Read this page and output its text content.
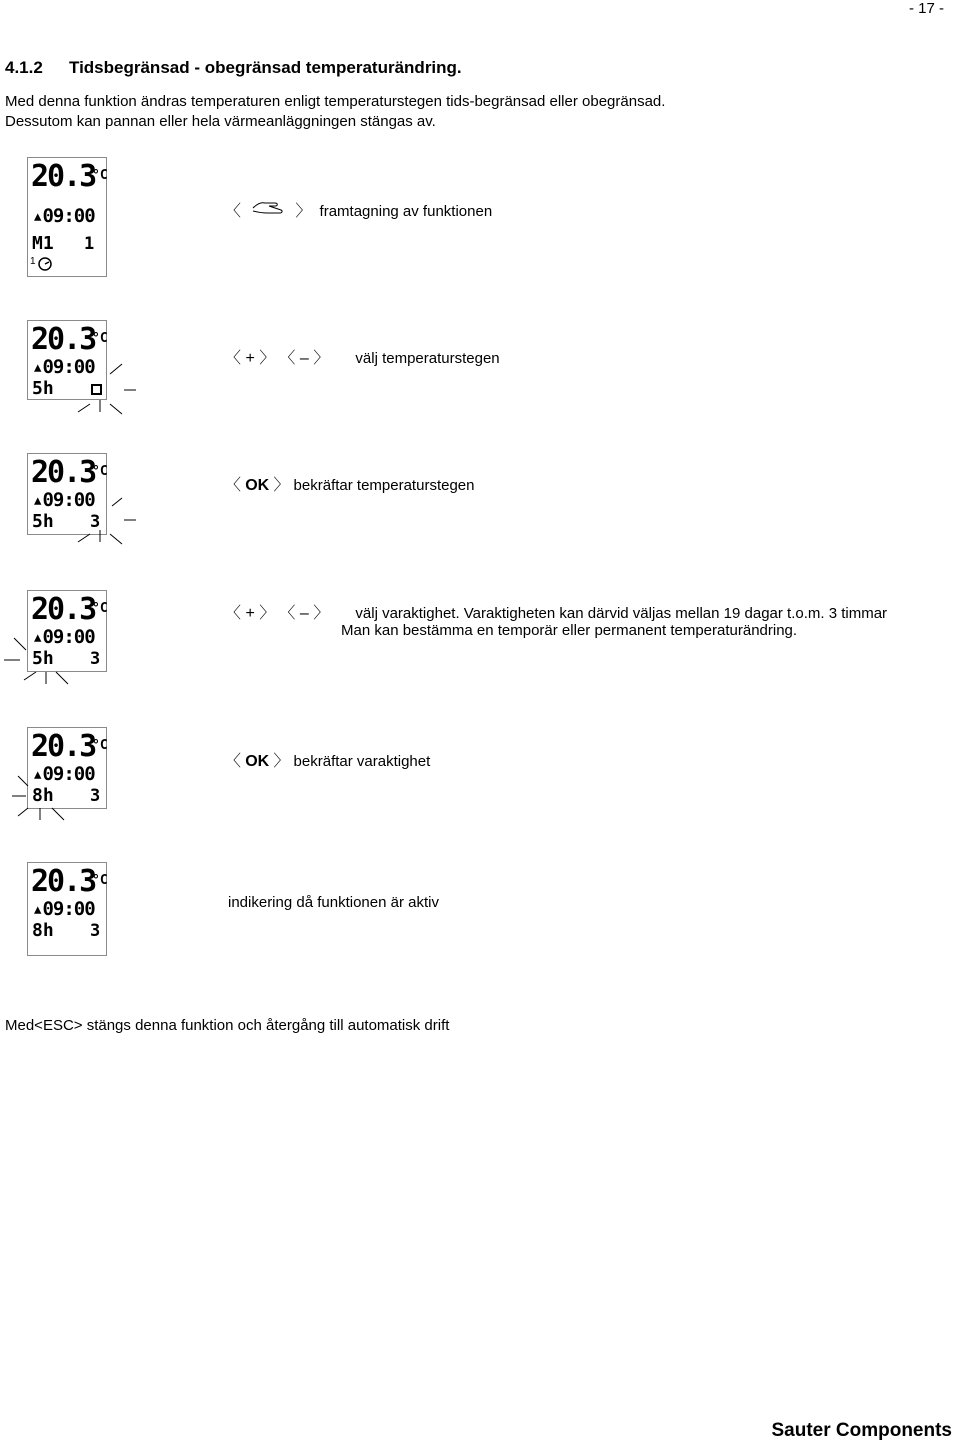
- 17 -
4.1.2 Tidsbegränsad - obegränsad temperaturändring.
Med denna funktion ändras temperaturen enligt temperaturstegen tids-begränsad eller obegränsad.
Dessutom kan pannan eller hela värmeanläggningen stängas av.
20.3
°C
▴09:00
M1 1
1
〈	〉 framtagning av funktionen
20.3
°C
▴09:00
5h
〈 + 〉 〈 – 〉 välj temperaturstegen
20.3
°C
▴09:00
5h 3
〈 OK 〉 bekräftar temperaturstegen
20.3
°C
▴09:00
5h 3
〈 + 〉 〈 – 〉 välj varaktighet. Varaktigheten kan därvid väljas mellan 19 dagar t.o.m. 3 timmar
Man kan bestämma en temporär eller permanent temperaturändring.
20.3
°C
▴09:00
8h 3
〈 OK 〉 bekräftar varaktighet
20.3
°C
▴09:00
8h 3
indikering då funktionen är aktiv
Med<ESC> stängs denna funktion och återgång till automatisk drift
Sauter Components
